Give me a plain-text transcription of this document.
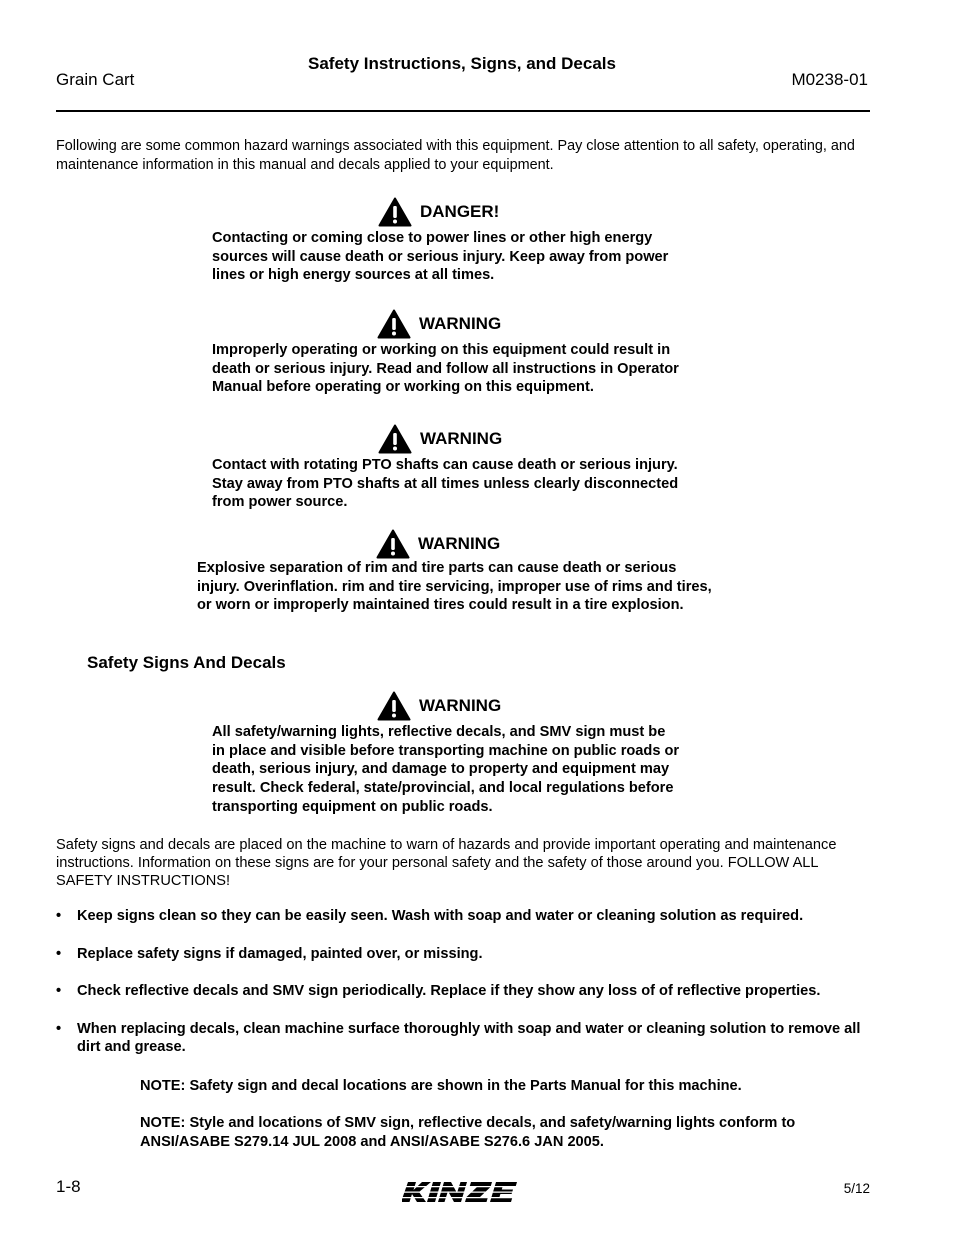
Safety Instructions, Signs, and Decals
Grain Cart	M0238-01
Following are some common hazard warnings associated with this equipment. Pay close attention to all safety, operating, and maintenance information in this manual and decals applied to your equipment.
DANGER!
Contacting or coming close to power lines or other high energy
sources will cause death or serious injury. Keep away from power
lines or high energy sources at all times.
WARNING
Improperly operating or working on this equipment could result in
death or serious injury. Read and follow all instructions in Operator
Manual before operating or working on this equipment.
WARNING
Contact with rotating PTO shafts can cause death or serious injury.
Stay away from PTO shafts at all times unless clearly disconnected
from power source.
WARNING
Explosive separation of rim and tire parts can cause death or serious
injury. Overinflation. rim and tire servicing, improper use of rims and tires,
or worn or improperly maintained tires could result in a tire explosion.
Safety Signs And Decals
WARNING
All safety/warning lights, reflective decals, and SMV sign must be
in place and visible before transporting machine on public roads or
death, serious injury, and damage to property and equipment may
result. Check federal, state/provincial, and local regulations before
transporting equipment on public roads.
Safety signs and decals are placed on the machine to warn of hazards and provide important operating and maintenance instructions. Information on these signs are for your personal safety and the safety of those around you. FOLLOW ALL SAFETY INSTRUCTIONS!
• Keep signs clean so they can be easily seen. Wash with soap and water or cleaning solution as required.
• Replace safety signs if damaged, painted over, or missing.
• Check reflective decals and SMV sign periodically. Replace if they show any loss of of reflective properties.
• When replacing decals, clean machine surface thoroughly with soap and water or cleaning solution to remove all dirt and grease.
NOTE: Safety sign and decal locations are shown in the Parts Manual for this machine.
NOTE: Style and locations of SMV sign, reflective decals, and safety/warning lights conform to ANSI/ASABE S279.14 JUL 2008 and ANSI/ASABE S276.6 JAN 2005.
1-8	5/12
